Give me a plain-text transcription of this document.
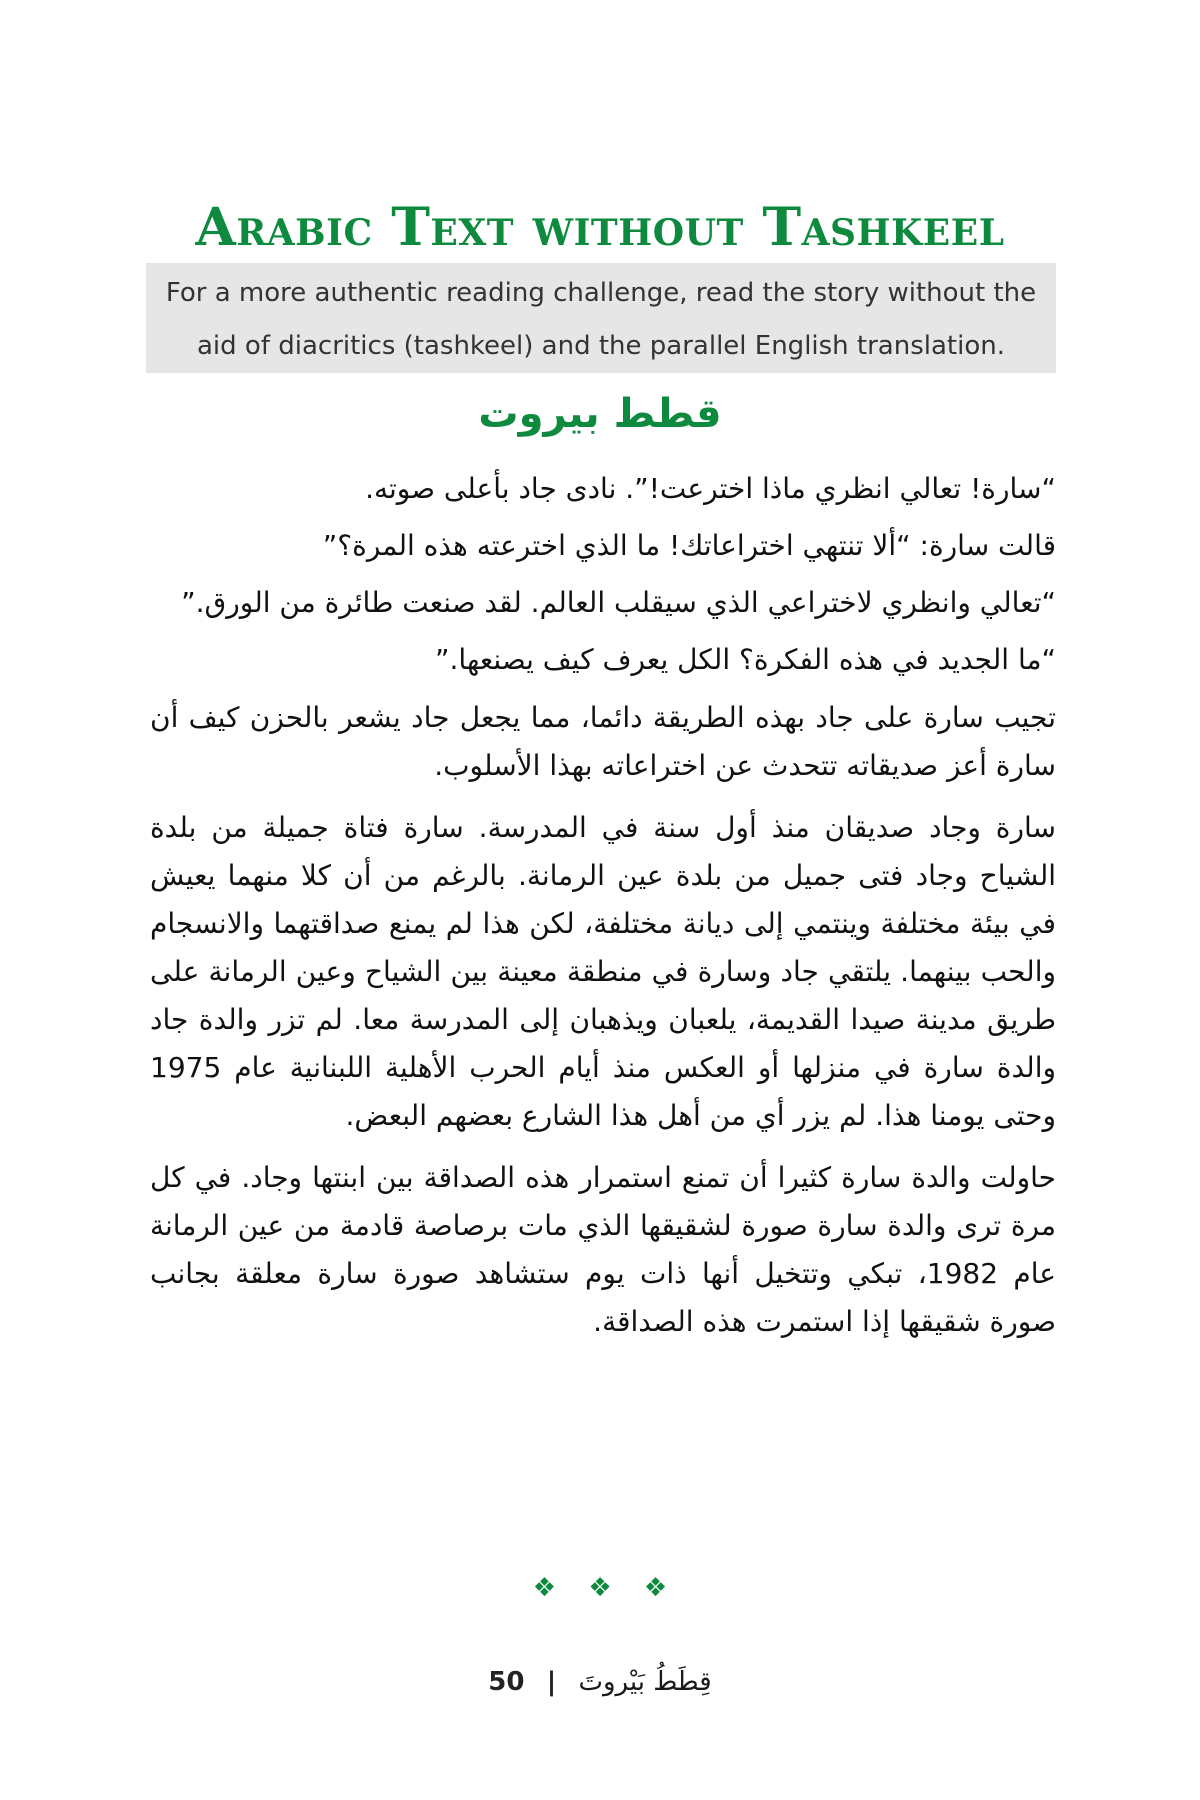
Arabic Text without Tashkeel
For a more authentic reading challenge, read the story without the aid of diacritics (tashkeel) and the parallel English translation.
قطط بيروت

“سارة! تعالي انظري ماذا اخترعت!”. نادى جاد بأعلى صوته.

قالت سارة: “ألا تنتهي اختراعاتك! ما الذي اخترعته هذه المرة؟”

“تعالي وانظري لاختراعي الذي سيقلب العالم. لقد صنعت طائرة من الورق.”

“ما الجديد في هذه الفكرة؟ الكل يعرف كيف يصنعها.”

تجيب سارة على جاد بهذه الطريقة دائما، مما يجعل جاد يشعر بالحزن كيف أن سارة أعز صديقاته تتحدث عن اختراعاته بهذا الأسلوب.

سارة وجاد صديقان منذ أول سنة في المدرسة. سارة فتاة جميلة من بلدة الشياح وجاد فتى جميل من بلدة عين الرمانة. بالرغم من أن كلا منهما يعيش في بيئة مختلفة وينتمي إلى ديانة مختلفة، لكن هذا لم يمنع صداقتهما والانسجام والحب بينهما. يلتقي جاد وسارة في منطقة معينة بين الشياح وعين الرمانة على طريق مدينة صيدا القديمة، يلعبان ويذهبان إلى المدرسة معا. لم تزر والدة جاد والدة سارة في منزلها أو العكس منذ أيام الحرب الأهلية اللبنانية عام 1975 وحتى يومنا هذا. لم يزر أي من أهل هذا الشارع بعضهم البعض.

حاولت والدة سارة كثيرا أن تمنع استمرار هذه الصداقة بين ابنتها وجاد. في كل مرة ترى والدة سارة صورة لشقيقها الذي مات برصاصة قادمة من عين الرمانة عام 1982، تبكي وتتخيل أنها ذات يوم ستشاهد صورة سارة معلقة بجانب صورة شقيقها إذا استمرت هذه الصداقة.

❖ ❖ ❖
50 | قِطَطُ بَيْروتَ
